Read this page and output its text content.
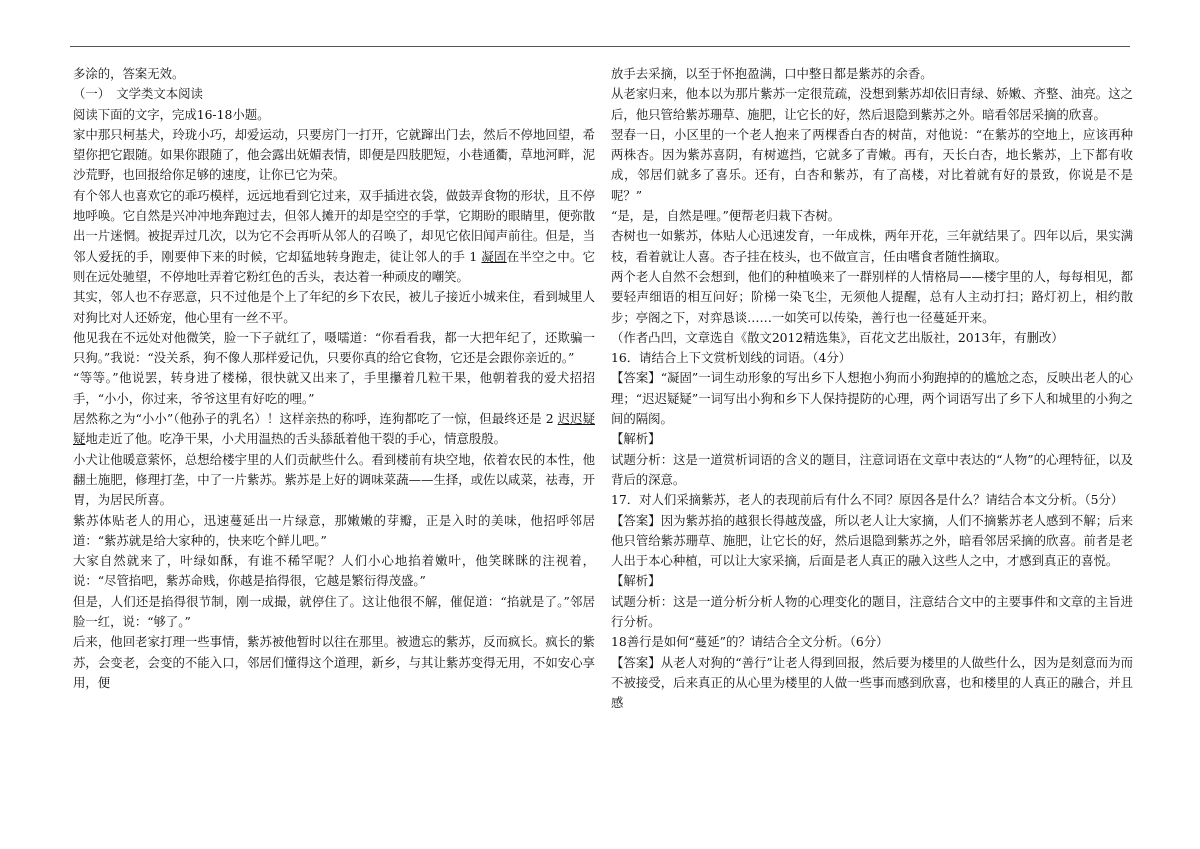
多涂的，答案无效。

（一）　文学类文本阅读

阅读下面的文字，完成16-18小题。

家中那只柯基犬，玲珑小巧，却爱运动，只要房门一打开，它就蹿出门去，然后不停地回望，希望你把它跟随。如果你跟随了，他会露出妩媚表情，即便是四肢肥短，小巷通衢，草地河畔，泥沙荒野，也回报给你足够的速度，让你已它为荣。

有个邻人也喜欢它的乖巧模样，远远地看到它过来，双手插进衣袋，做鼓弄食物的形状，且不停地呼唤。它自然是兴冲冲地奔跑过去，但邻人摊开的却是空空的手掌，它期盼的眼睛里，便弥散出一片迷惘。被捉弄过几次，以为它不会再听从邻人的召唤了，却见它依旧闻声前往。但是，当邻人爱抚的手，刚要伸下来的时候，它却猛地转身跑走，徒让邻人的手 1 凝固在半空之中。它则在远处驰望，不停地吐弄着它粉红色的舌头，表达着一种顽皮的嘲笑。

其实，邻人也不存恶意，只不过他是个上了年纪的乡下农民，被儿子接近小城来住，看到城里人对狗比对人还娇宠，他心里有一丝不平。

他见我在不远处对他微笑，脸一下子就红了，嗫嚅道：“你看看我，都一大把年纪了，还欺骗一只狗。”我说：“没关系，狗不像人那样爱记仇，只要你真的给它食物，它还是会跟你亲近的。”

“等等。”他说罢，转身进了楼梯，很快就又出来了，手里攥着几粒干果，他朝着我的爱犬招招手，“小小，你过来，爷爷这里有好吃的哩。”

居然称之为“小小”（他孙子的乳名）！这样亲热的称呼，连狗都吃了一惊，但最终还是 2 迟迟疑疑地走近了他。吃净干果，小犬用温热的舌头舔舐着他干裂的手心，情意殷殷。

小犬让他暖意萦怀，总想给楼宇里的人们贡献些什么。看到楼前有块空地，依着农民的本性，他翻土施肥，修理打垄，中了一片紫苏。紫苏是上好的调味菜蔬——生择，或佐以咸菜，祛毒，开胃，为居民所喜。

紫苏体贴老人的用心，迅速蔓延出一片绿意，那嫩嫩的芽瓣，正是入时的美味，他招呼邻居道：“紫苏就是给大家种的，快来吃个鲜儿吧。”

大家自然就来了，叶绿如酥，有谁不稀罕呢？人们小心地掐着嫩叶，他笑眯眯的注视着，说：“尽管掐吧，紫苏命贱，你越是掐得很，它越是繁衍得茂盛。”

但是，人们还是掐得很节制，刚一成撮，就停住了。这让他很不解，催促道：“掐就是了。”邻居脸一红，说：“够了。”

后来，他回老家打理一些事情，紫苏被他暂时以往在那里。被遗忘的紫苏，反而疯长。疯长的紫苏，会变老，会变的不能入口，邻居们懂得这个道理，新乡，与其让紫苏变得无用，不如安心享用，便

放手去采摘，以至于怀抱盈满，口中整日都是紫苏的余香。

从老家归来，他本以为那片紫苏一定很荒疏，没想到紫苏却依旧青绿、娇嫩、齐整、油亮。这之后，他只管给紫苏珊草、施肥，让它长的好，然后退隐到紫苏之外。暗看邻居采摘的欣喜。

翌春一日，小区里的一个老人抱来了两棵香白杏的树苗，对他说：“在紫苏的空地上，应该再种两株杏。因为紫苏喜阴，有树遮挡，它就多了青嫩。再有，天长白杏，地长紫苏，上下都有收成，邻居们就多了喜乐。还有，白杏和紫苏，有了高楼，对比着就有好的景致，你说是不是呢？”

“是，是，自然是哩。”便帮老归栽下杏树。

杏树也一如紫苏，体贴人心迅速发育，一年成株，两年开花，三年就结果了。四年以后，果实满枝，看着就让人喜。杏子挂在枝头，也不做宣言，任由嗜食者随性摘取。

两个老人自然不会想到，他们的种植唤来了一群别样的人情格局——楼宇里的人，每每相见，都要轻声细语的相互问好；阶梯一染飞尘，无须他人提醒，总有人主动打扫；路灯初上，相约散步；亭阁之下，对弈恳谈……一如笑可以传染，善行也一径蔓延开来。

（作者凸凹，文章选自《散文2012精选集》，百花文艺出版社，2013年，有删改）

16．请结合上下文赏析划线的词语。（4分）

【答案】“凝固”一词生动形象的写出乡下人想抱小狗而小狗跑掉的的尴尬之态，反映出老人的心理；“迟迟疑疑”一词写出小狗和乡下人保持提防的心理，两个词语写出了乡下人和城里的小狗之间的隔阂。

【解析】

试题分析：这是一道赏析词语的含义的题目，注意词语在文章中表达的“人物”的心理特征，以及背后的深意。

17．对人们采摘紫苏，老人的表现前后有什么不同？原因各是什么？请结合本文分析。（5分）

【答案】因为紫苏掐的越狠长得越茂盛，所以老人让大家摘，人们不摘紫苏老人感到不解；后来他只管给紫苏珊草、施肥，让它长的好，然后退隐到紫苏之外，暗看邻居采摘的欣喜。前者是老人出于本心种植，可以让大家采摘，后面是老人真正的融入这些人之中，才感到真正的喜悦。

【解析】

试题分析：这是一道分析分析人物的心理变化的题目，注意结合文中的主要事件和文章的主旨进行分析。

18善行是如何“蔓延”的？请结合全文分析。（6分）

【答案】从老人对狗的“善行”让老人得到回报，然后要为楼里的人做些什么，因为是刻意而为而不被接受，后来真正的从心里为楼里的人做一些事而感到欣喜，也和楼里的人真正的融合，并且感
